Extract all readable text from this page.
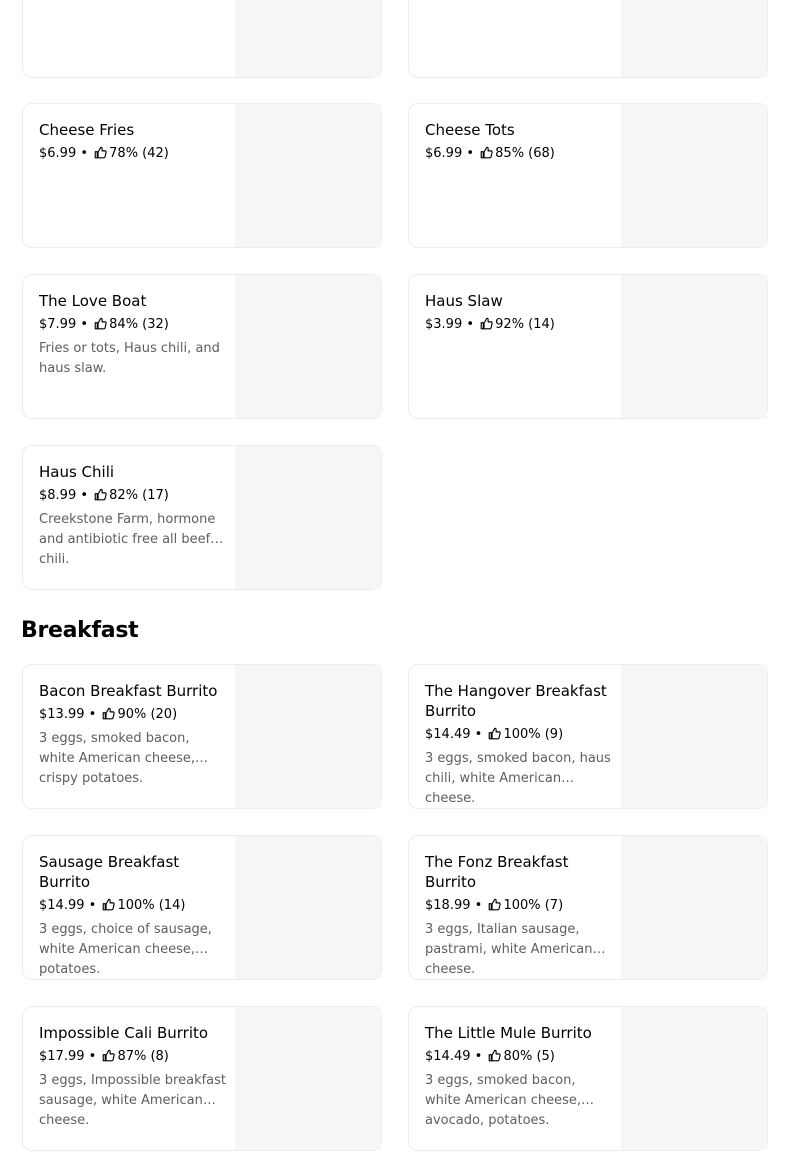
Cheese Fries
$6.99 • 78% (42)
Cheese Tots
$6.99 • 85% (68)
The Love Boat
$7.99 • 84% (32)
Fries or tots, Haus chili, and haus slaw.
Haus Slaw
$3.99 • 92% (14)
Haus Chili
$8.99 • 82% (17)
Creekstone Farm, hormone and antibiotic free all beef chili.
Breakfast
Bacon Breakfast Burrito
$13.99 • 90% (20)
3 eggs, smoked bacon, white American cheese, crispy potatoes.
The Hangover Breakfast Burrito
$14.49 • 100% (9)
3 eggs, smoked bacon, haus chili, white American cheese.
Sausage Breakfast Burrito
$14.99 • 100% (14)
3 eggs, choice of sausage, white American cheese, potatoes.
The Fonz Breakfast Burrito
$18.99 • 100% (7)
3 eggs, Italian sausage, pastrami, white American cheese.
Impossible Cali Burrito
$17.99 • 87% (8)
3 eggs, Impossible breakfast sausage, white American cheese.
The Little Mule Burrito
$14.49 • 80% (5)
3 eggs, smoked bacon, white American cheese, avocado, potatoes.
